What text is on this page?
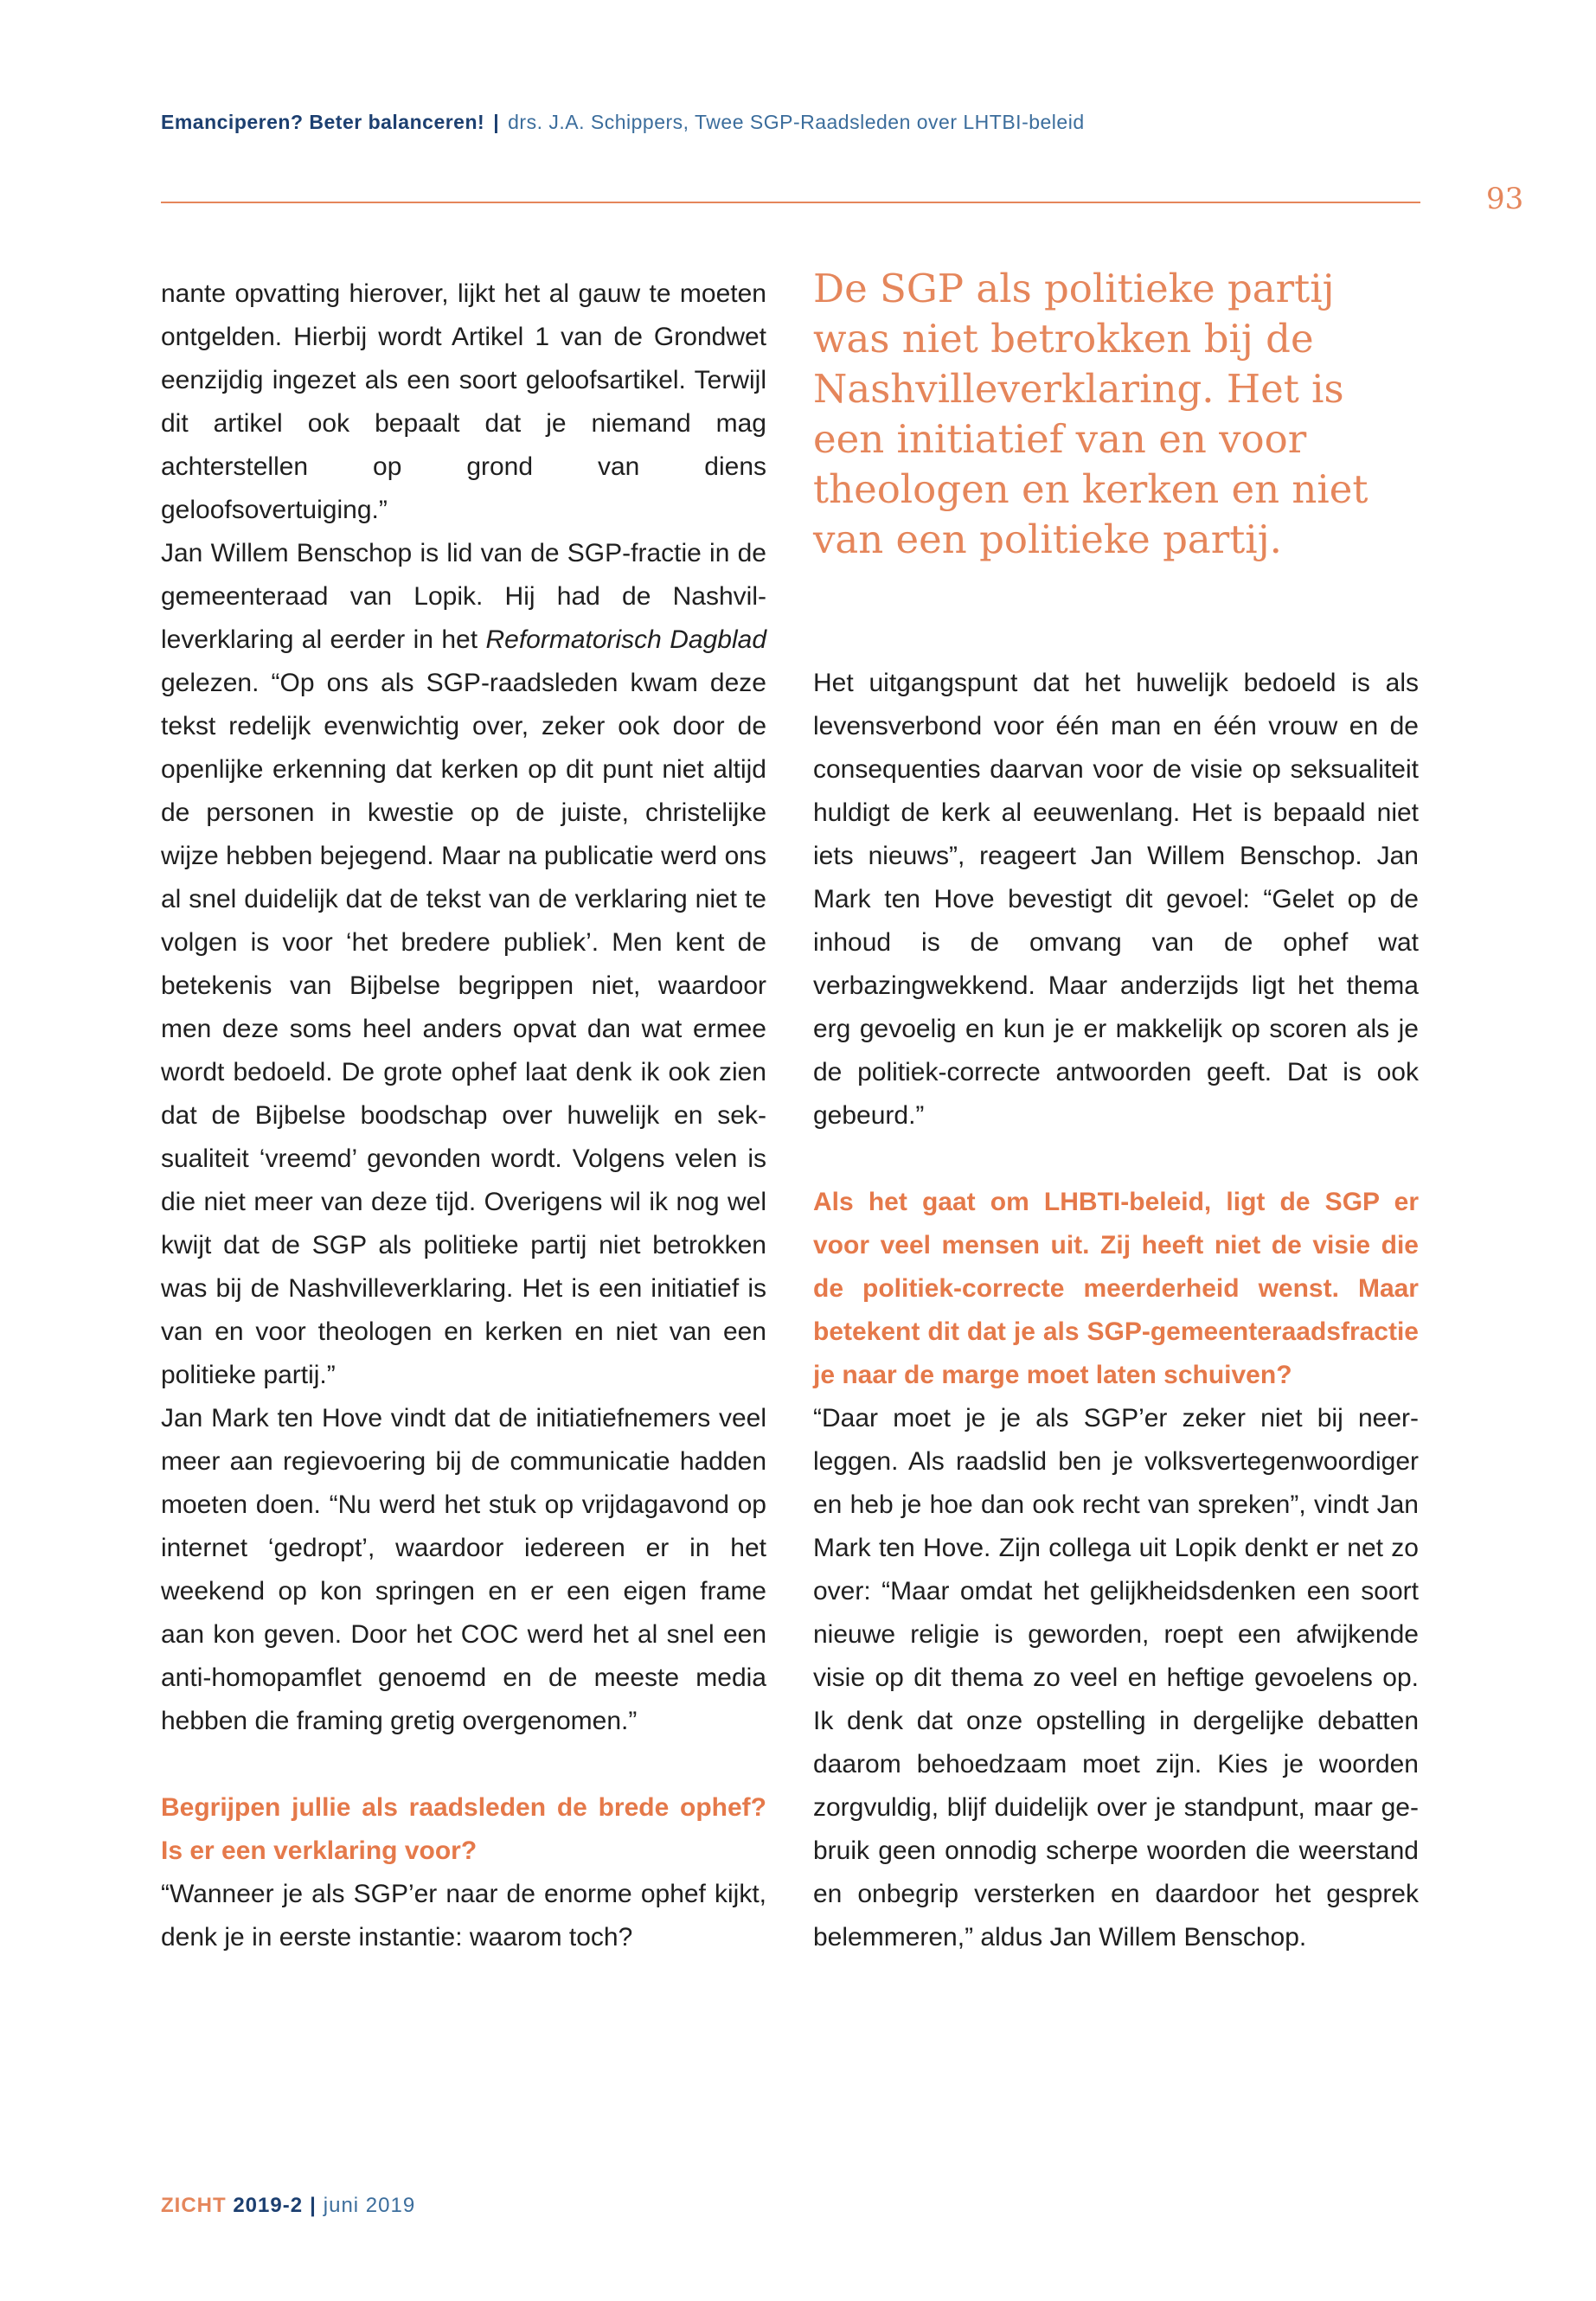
Emanciperen? Beter balanceren! | drs. J.A. Schippers, Twee SGP-Raadsleden over LHTBI-beleid
93

nante opvatting hierover, lijkt het al gauw te moeten ontgelden. Hierbij wordt Artikel 1 van de Grondwet eenzijdig ingezet als een soort geloofsartikel. Terwijl dit artikel ook bepaalt dat je niemand mag achterstellen op grond van diens geloofsovertuiging.”

Jan Willem Benschop is lid van de SGP-fractie in de gemeenteraad van Lopik. Hij had de Nashvilleverklaring al eerder in het Reformatorisch Dagblad gelezen. “Op ons als SGP-raadsleden kwam deze tekst redelijk evenwichtig over, zeker ook door de openlijke erkenning dat kerken op dit punt niet altijd de personen in kwestie op de juiste, christelijke wijze hebben bejegend. Maar na publicatie werd ons al snel duidelijk dat de tekst van de verklaring niet te volgen is voor ‘het bredere publiek’. Men kent de betekenis van Bijbelse begrippen niet, waardoor men deze soms heel anders opvat dan wat ermee wordt bedoeld. De grote ophef laat denk ik ook zien dat de Bijbelse boodschap over huwelijk en seksualiteit ‘vreemd’ gevonden wordt. Volgens velen is die niet meer van deze tijd. Overigens wil ik nog wel kwijt dat de SGP als politieke partij niet betrokken was bij de Nashvilleverklaring. Het is een initiatief is van en voor theologen en kerken en niet van een politieke partij.”

Jan Mark ten Hove vindt dat de initiatiefnemers veel meer aan regievoering bij de communicatie hadden moeten doen. “Nu werd het stuk op vrijdagavond op internet ‘gedropt’, waardoor iedereen er in het weekend op kon springen en er een eigen frame aan kon geven. Door het COC werd het al snel een anti-homopamflet genoemd en de meeste media hebben die framing gretig overgenomen.”

Begrijpen jullie als raadsleden de brede ophef? Is er een verklaring voor?

“Wanneer je als SGP’er naar de enorme ophef kijkt, denk je in eerste instantie: waarom toch?

De SGP als politieke partij
was niet betrokken bij de
Nashvilleverklaring. Het is
een initiatief van en voor
theologen en kerken en niet
van een politieke partij.

Het uitgangspunt dat het huwelijk bedoeld is als levensverbond voor één man en één vrouw en de consequenties daarvan voor de visie op seksualiteit huldigt de kerk al eeuwenlang. Het is bepaald niet iets nieuws”, reageert Jan Willem Benschop. Jan Mark ten Hove bevestigt dit gevoel: “Gelet op de inhoud is de omvang van de ophef wat verbazingwekkend. Maar anderzijds ligt het thema erg gevoelig en kun je er makkelijk op scoren als je de politiek-correcte antwoorden geeft. Dat is ook gebeurd.”

Als het gaat om LHBTI-beleid, ligt de SGP er voor veel mensen uit. Zij heeft niet de visie die de politiek-correcte meerderheid wenst. Maar betekent dit dat je als SGP-gemeenteraadsfractie je naar de marge moet laten schuiven?

“Daar moet je je als SGP’er zeker niet bij neerleggen. Als raadslid ben je volksvertegenwoordiger en heb je hoe dan ook recht van spreken”, vindt Jan Mark ten Hove. Zijn collega uit Lopik denkt er net zo over: “Maar omdat het gelijkheidsdenken een soort nieuwe religie is geworden, roept een afwijkende visie op dit thema zo veel en heftige gevoelens op. Ik denk dat onze opstelling in dergelijke debatten daarom behoedzaam moet zijn. Kies je woorden zorgvuldig, blijf duidelijk over je standpunt, maar gebruik geen onnodig scherpe woorden die weerstand en onbegrip versterken en daardoor het gesprek belemmeren,” aldus Jan Willem Benschop.

ZICHT 2019-2 | juni 2019
